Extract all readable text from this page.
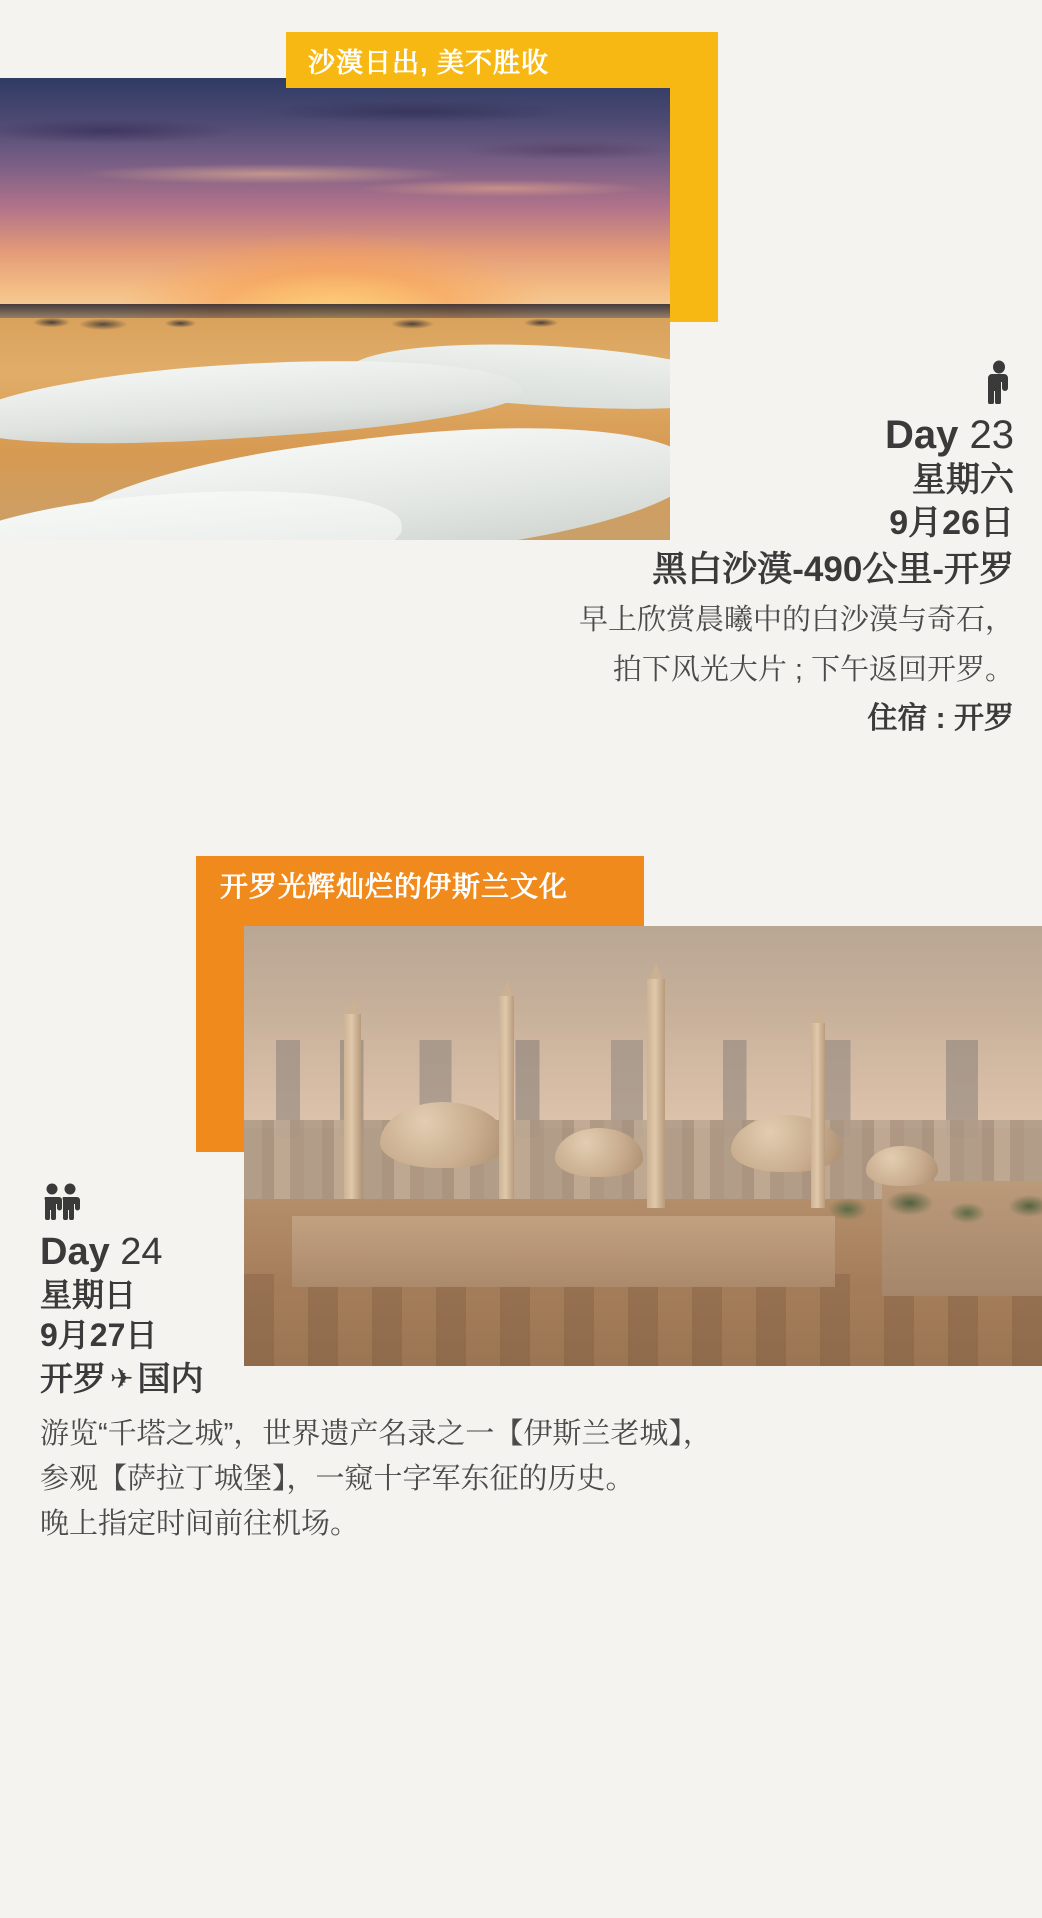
沙漠日出, 美不胜收
Day 23
星期六
9月26日
黑白沙漠-490公里-开罗
早上欣赏晨曦中的白沙漠与奇石，
拍下风光大片 ; 下午返回开罗。
住宿 : 开罗
开罗光辉灿烂的伊斯兰文化
Day 24
星期日
9月27日
开罗 ✈ 国内

游览“千塔之城”，世界遗产名录之一【伊斯兰老城】，

参观【萨拉丁城堡】，一窥十字军东征的历史。

晚上指定时间前往机场。
